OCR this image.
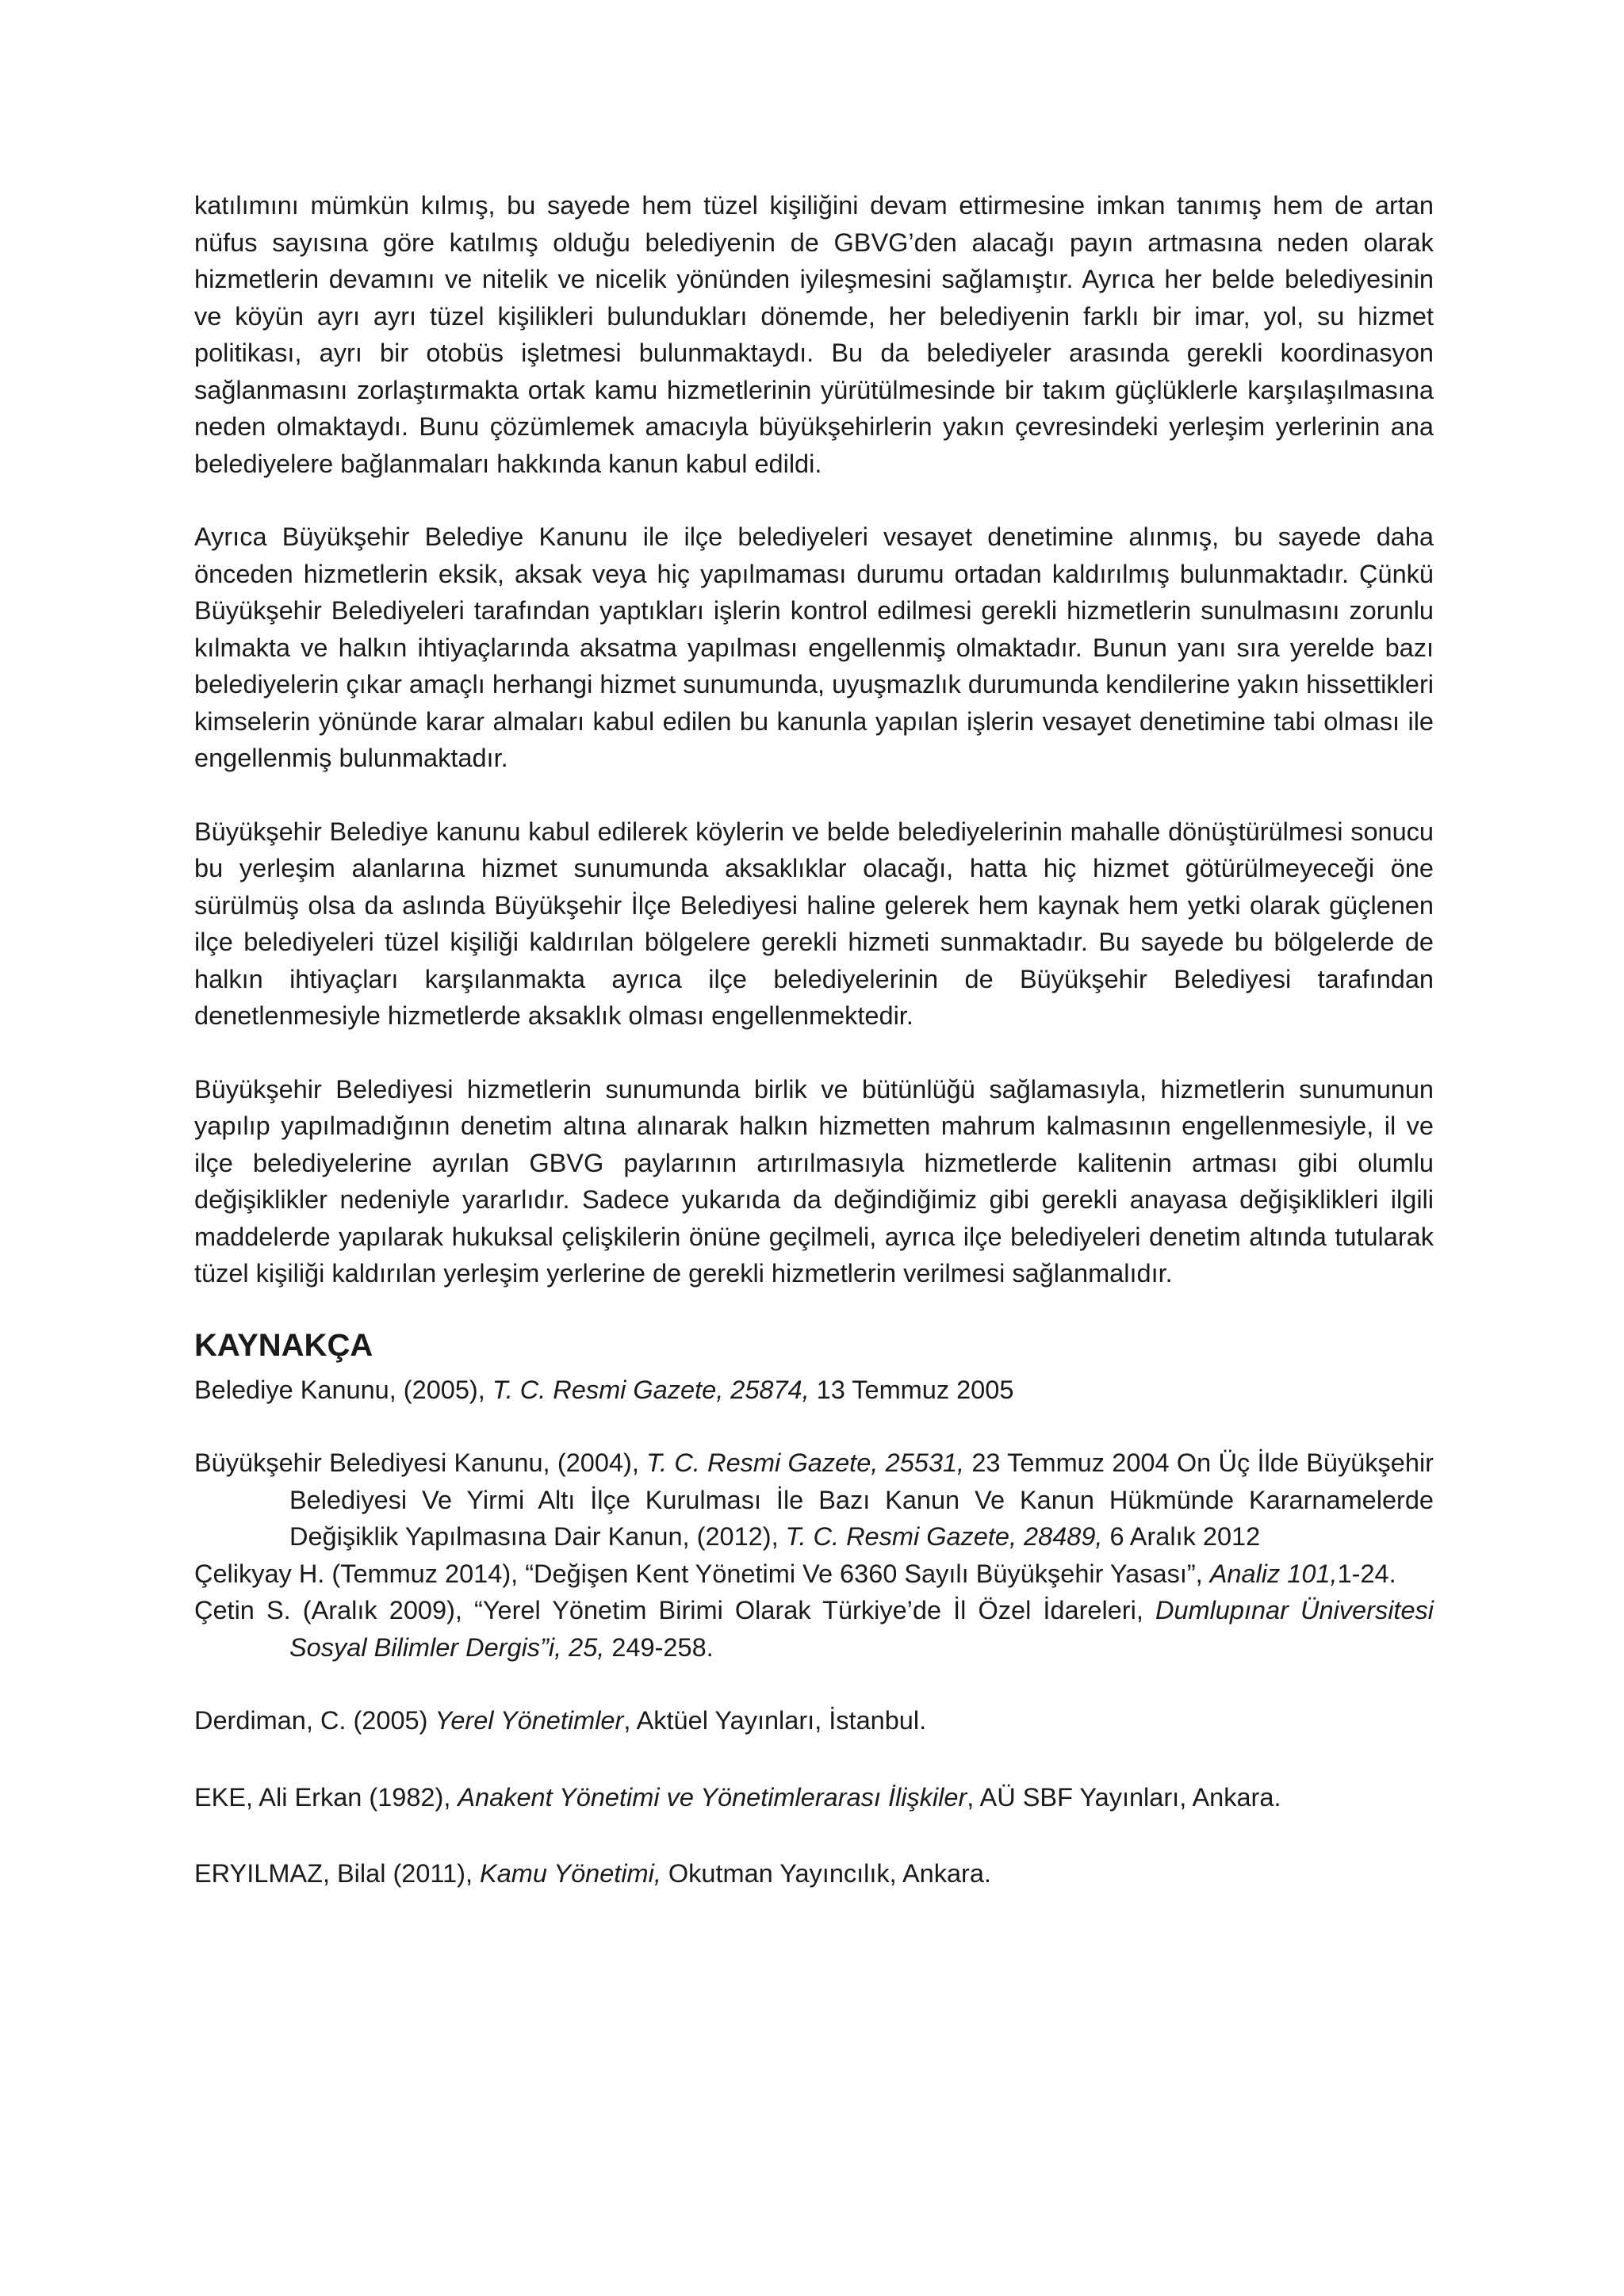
katılımını mümkün kılmış, bu sayede hem tüzel kişiliğini devam ettirmesine imkan tanımış hem de artan nüfus sayısına göre katılmış olduğu belediyenin de GBVG’den alacağı payın artmasına neden olarak hizmetlerin devamını ve nitelik ve nicelik yönünden iyileşmesini sağlamıştır. Ayrıca her belde belediyesinin ve köyün ayrı ayrı tüzel kişilikleri bulundukları dönemde, her belediyenin farklı bir imar, yol, su hizmet politikası, ayrı bir otobüs işletmesi bulunmaktaydı. Bu da belediyeler arasında gerekli koordinasyon sağlanmasını zorlaştırmakta ortak kamu hizmetlerinin yürütülmesinde bir takım güçlüklerle karşılaşılmasına neden olmaktaydı. Bunu çözümlemek amacıyla büyükşehirlerin yakın çevresindeki yerleşim yerlerinin ana belediyelere bağlanmaları hakkında kanun kabul edildi.

Ayrıca Büyükşehir Belediye Kanunu ile ilçe belediyeleri vesayet denetimine alınmış, bu sayede daha önceden hizmetlerin eksik, aksak veya hiç yapılmaması durumu ortadan kaldırılmış bulunmaktadır. Çünkü Büyükşehir Belediyeleri tarafından yaptıkları işlerin kontrol edilmesi gerekli hizmetlerin sunulmasını zorunlu kılmakta ve halkın ihtiyaçlarında aksatma yapılması engellenmiş olmaktadır. Bunun yanı sıra yerelde bazı belediyelerin çıkar amaçlı herhangi hizmet sunumunda, uyuşmazlık durumunda kendilerine yakın hissettikleri kimselerin yönünde karar almaları kabul edilen bu kanunla yapılan işlerin vesayet denetimine tabi olması ile engellenmiş bulunmaktadır.

Büyükşehir Belediye kanunu kabul edilerek köylerin ve belde belediyelerinin mahalle dönüştürülmesi sonucu bu yerleşim alanlarına hizmet sunumunda aksaklıklar olacağı, hatta hiç hizmet götürülmeyeceği öne sürülmüş olsa da aslında Büyükşehir İlçe Belediyesi haline gelerek hem kaynak hem yetki olarak güçlenen ilçe belediyeleri tüzel kişiliği kaldırılan bölgelere gerekli hizmeti sunmaktadır. Bu sayede bu bölgelerde de halkın ihtiyaçları karşılanmakta ayrıca ilçe belediyelerinin de Büyükşehir Belediyesi tarafından denetlenmesiyle hizmetlerde aksaklık olması engellenmektedir.

Büyükşehir Belediyesi hizmetlerin sunumunda birlik ve bütünlüğü sağlamasıyla, hizmetlerin sunumunun yapılıp yapılmadığının denetim altına alınarak halkın hizmetten mahrum kalmasının engellenmesiyle, il ve ilçe belediyelerine ayrılan GBVG paylarının artırılmasıyla hizmetlerde kalitenin artması gibi olumlu değişiklikler nedeniyle yararlıdır. Sadece yukarıda da değindiğimiz gibi gerekli anayasa değişiklikleri ilgili maddelerde yapılarak hukuksal çelişkilerin önüne geçilmeli, ayrıca ilçe belediyeleri denetim altında tutularak tüzel kişiliği kaldırılan yerleşim yerlerine de gerekli hizmetlerin verilmesi sağlanmalıdır.

KAYNAKÇA
Belediye Kanunu, (2005), T. C. Resmi Gazete, 25874, 13 Temmuz 2005
Büyükşehir Belediyesi Kanunu, (2004), T. C. Resmi Gazete, 25531, 23 Temmuz 2004 On Üç İlde Büyükşehir Belediyesi Ve Yirmi Altı İlçe Kurulması İle Bazı Kanun Ve Kanun Hükmünde Kararnamelerde Değişiklik Yapılmasına Dair Kanun, (2012), T. C. Resmi Gazete, 28489, 6 Aralık 2012
Çelikyay H. (Temmuz 2014), “Değişen Kent Yönetimi Ve 6360 Sayılı Büyükşehir Yasası”, Analiz 101,1-24.
Çetin S. (Aralık 2009), “Yerel Yönetim Birimi Olarak Türkiye’de İl Özel İdareleri, Dumlupınar Üniversitesi Sosyal Bilimler Dergis”i, 25, 249-258.
Derdiman, C. (2005) Yerel Yönetimler, Aktüel Yayınları, İstanbul.
EKE, Ali Erkan (1982), Anakent Yönetimi ve Yönetimlerarası İlişkiler, AÜ SBF Yayınları, Ankara.
ERYILMAZ, Bilal (2011), Kamu Yönetimi, Okutman Yayıncılık, Ankara.
